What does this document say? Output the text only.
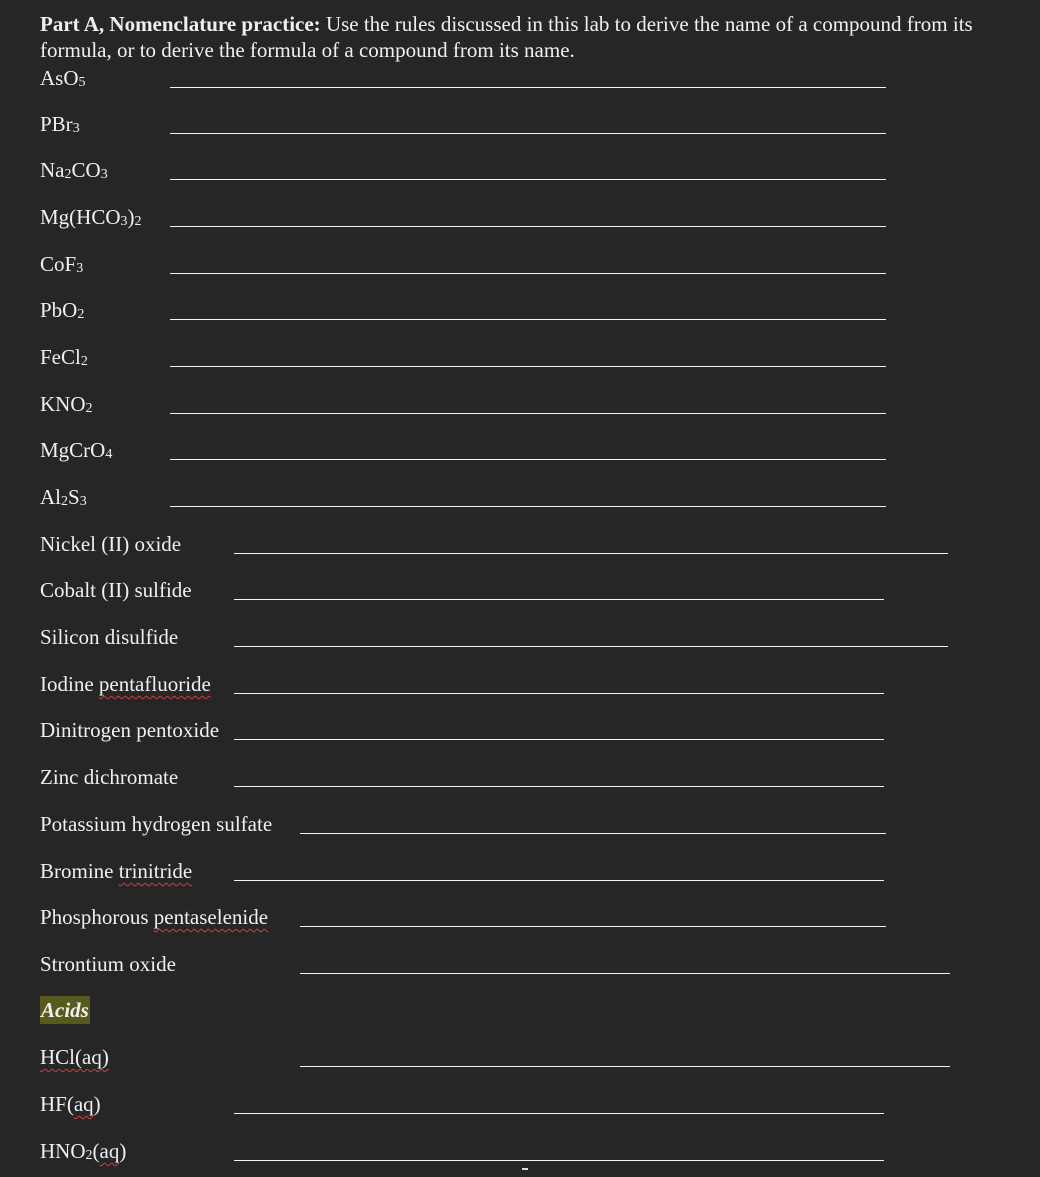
Part A, Nomenclature practice: Use the rules discussed in this lab to derive the name of a compound from its formula, or to derive the formula of a compound from its name.

AsO5
PBr3
Na2CO3
Mg(HCO3)2
CoF3
PbO2
FeCl2
KNO2
MgCrO4
Al2S3
Nickel (II) oxide
Cobalt (II) sulfide
Silicon disulfide
Iodine pentafluoride
Dinitrogen pentoxide
Zinc dichromate
Potassium hydrogen sulfate
Bromine trinitride
Phosphorous pentaselenide
Strontium oxide
HCl(aq)
HF(aq)
HNO2(aq)
Acids
